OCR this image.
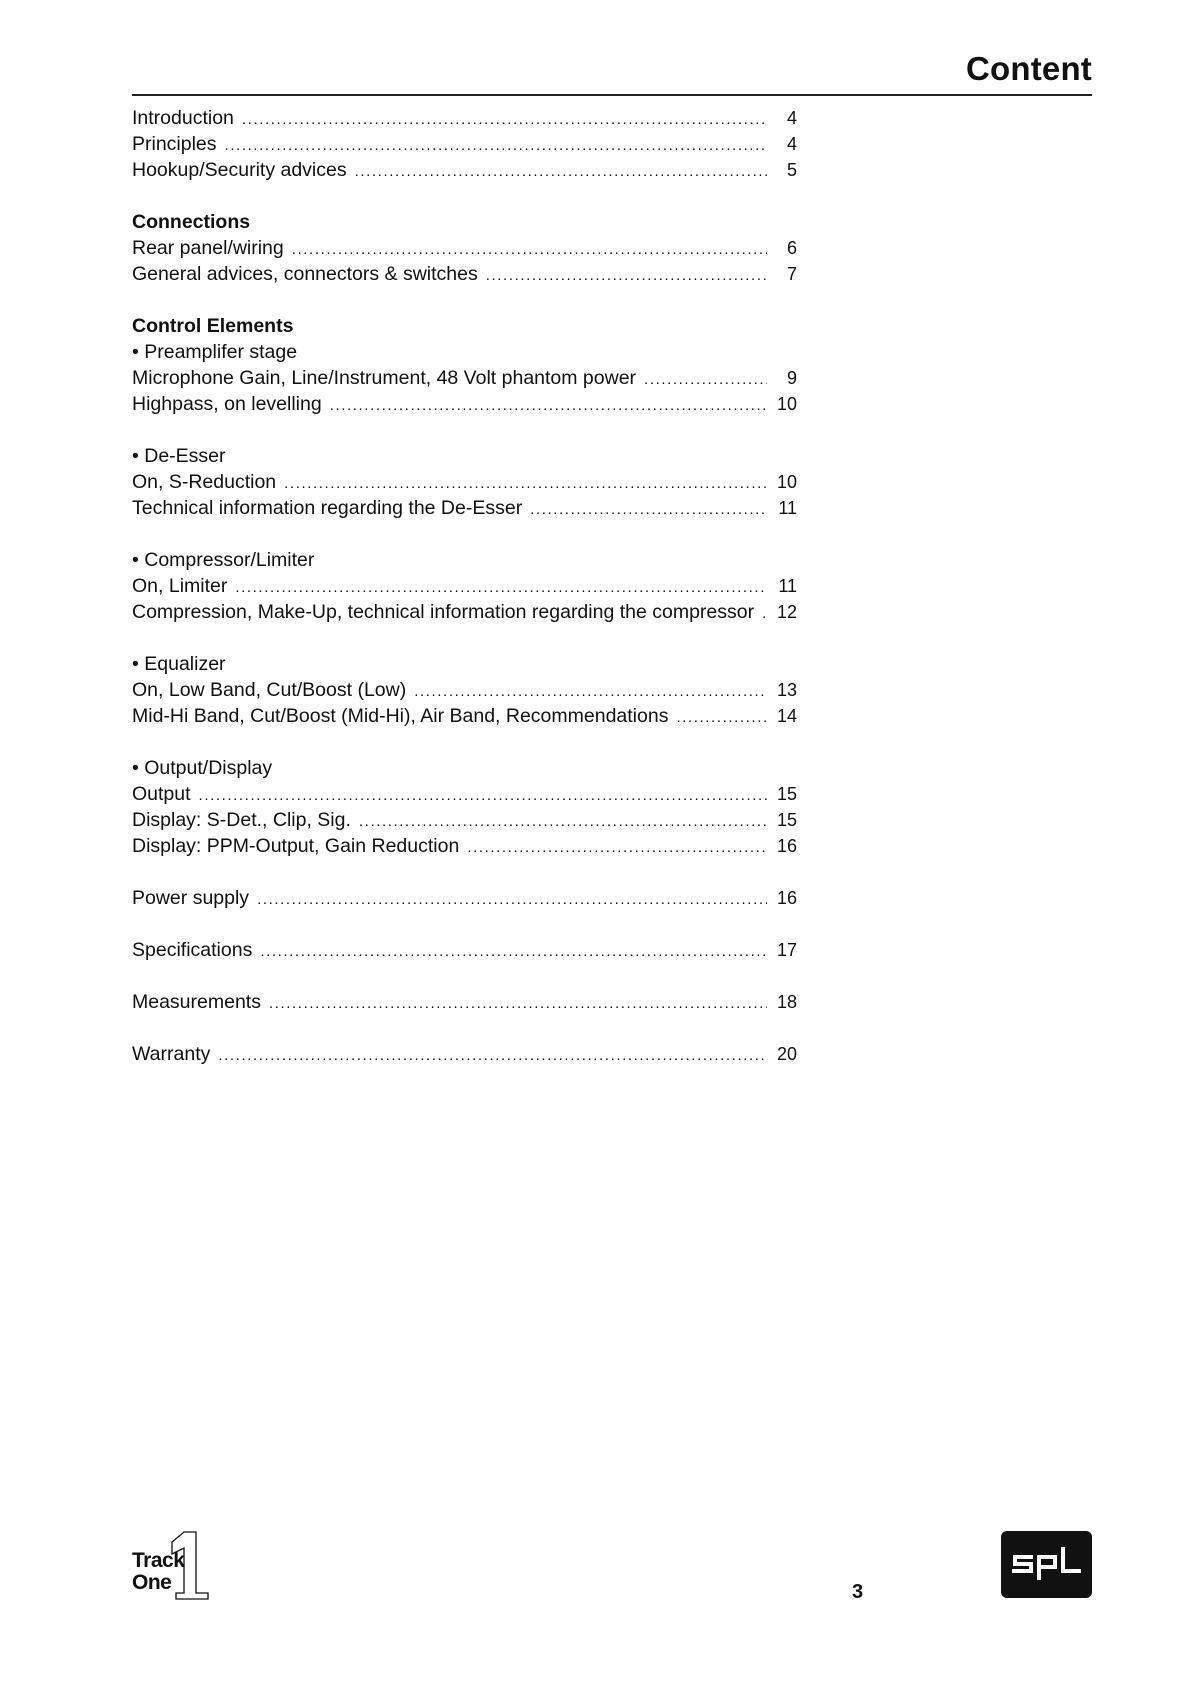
Content
Introduction .....	4
Principles .....	4
Hookup/Security advices .....	5
Connections
Rear panel/wiring .....	6
General advices, connectors & switches .....	7
Control Elements
• Preamplifer stage
Microphone Gain, Line/Instrument, 48 Volt phantom power .....	9
Highpass, on levelling .....	10
• De-Esser
On, S-Reduction .....	10
Technical information regarding the De-Esser .....	11
• Compressor/Limiter
On, Limiter .....	11
Compression, Make-Up, technical information regarding the compressor ..... 12
• Equalizer
On, Low Band, Cut/Boost (Low) .....	13
Mid-Hi Band, Cut/Boost (Mid-Hi), Air Band, Recommendations .....	14
• Output/Display
Output .....	15
Display: S-Det., Clip, Sig. .....	15
Display: PPM-Output, Gain Reduction .....	16
Power supply .....	16
Specifications .....	17
Measurements .....	18
Warranty .....	20
Track
One	3
